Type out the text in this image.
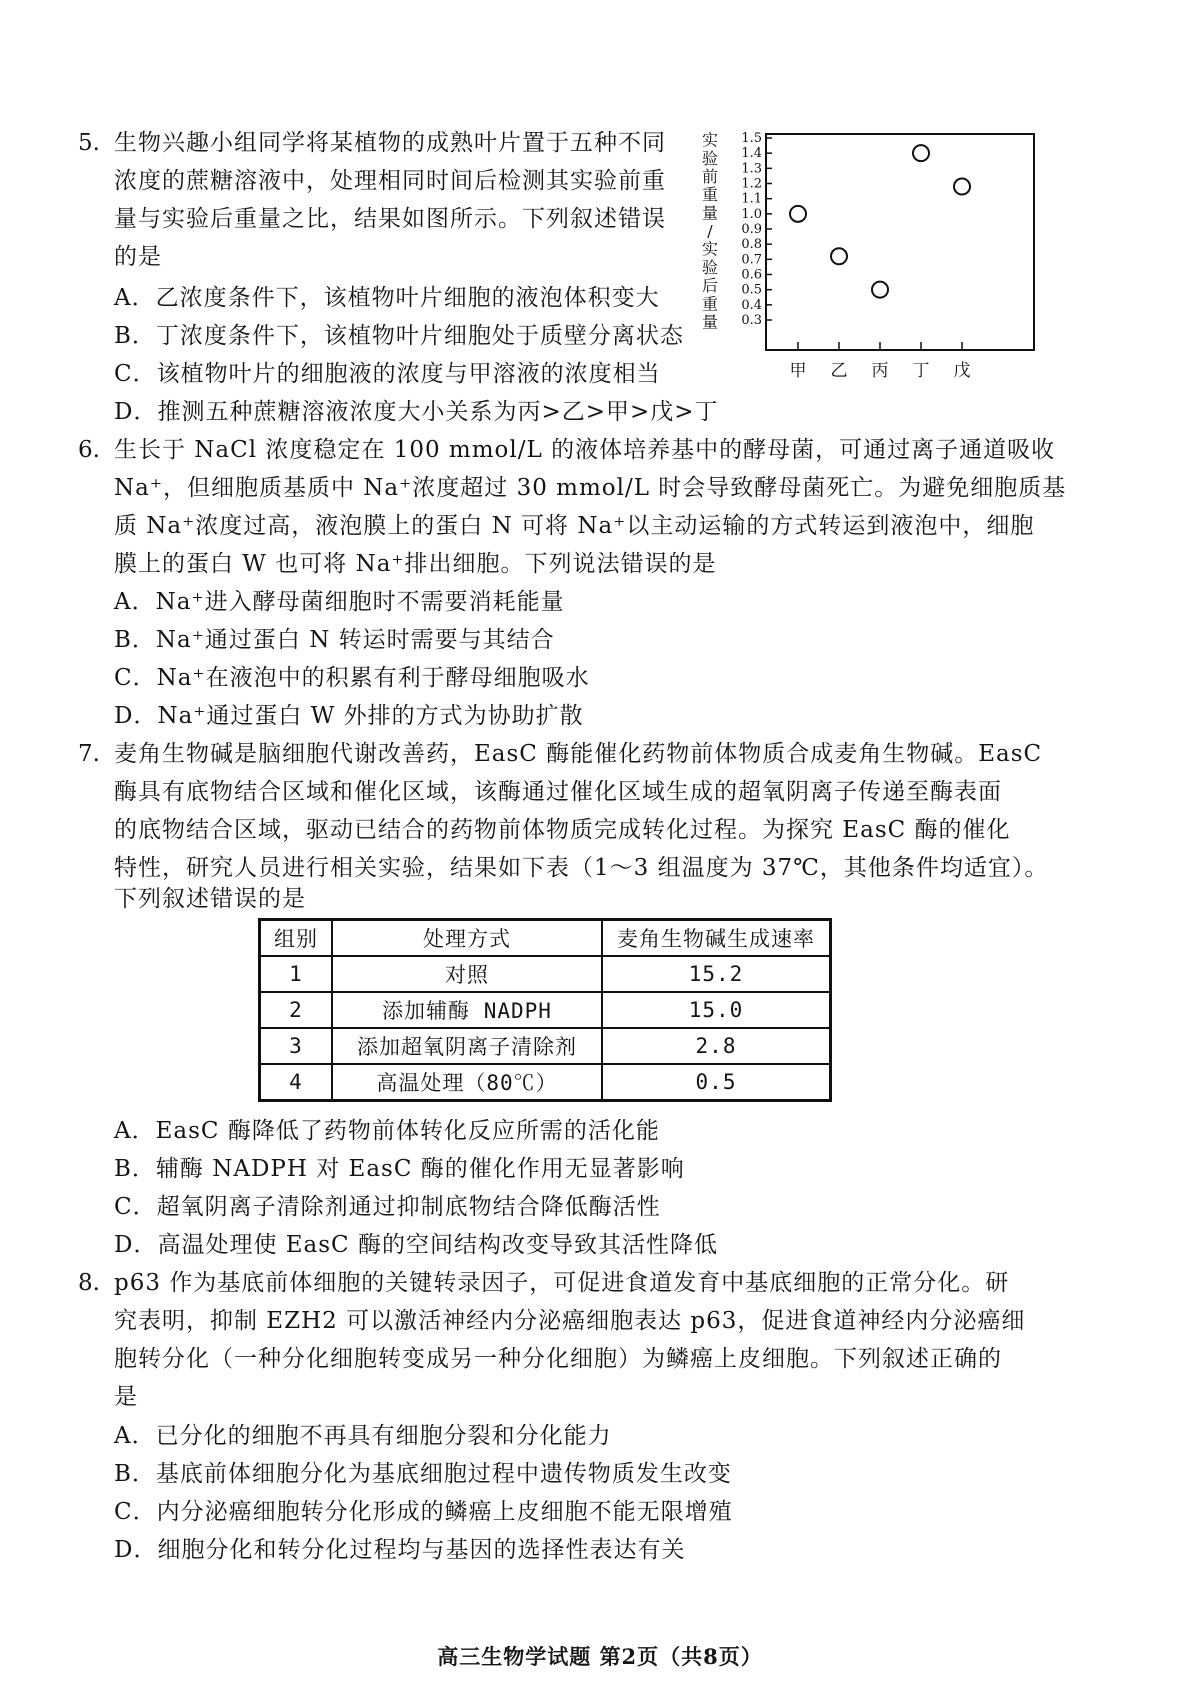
5. 生物兴趣小组同学将某植物的成熟叶片置于五种不同
浓度的蔗糖溶液中，处理相同时间后检测其实验前重
量与实验后重量之比，结果如图所示。下列叙述错误
的是
A．乙浓度条件下，该植物叶片细胞的液泡体积变大
B．丁浓度条件下，该植物叶片细胞处于质壁分离状态
C．该植物叶片的细胞液的浓度与甲溶液的浓度相当
D．推测五种蔗糖溶液浓度大小关系为丙>乙>甲>戊>丁
实
验
前
重
量
/
实
验
后
重
量 0.3
0.4
0.5
0.6
0.7
0.8
0.9
1.0
1.1
1.2
1.3
1.4
1.5
甲 乙 丙 丁 戊
6. 生长于 NaCl 浓度稳定在 100 mmol/L 的液体培养基中的酵母菌，可通过离子通道吸收
Na⁺，但细胞质基质中 Na⁺浓度超过 30 mmol/L 时会导致酵母菌死亡。为避免细胞质基
质 Na⁺浓度过高，液泡膜上的蛋白 N 可将 Na⁺以主动运输的方式转运到液泡中，细胞
膜上的蛋白 W 也可将 Na⁺排出细胞。下列说法错误的是
A．Na⁺进入酵母菌细胞时不需要消耗能量
B．Na⁺通过蛋白 N 转运时需要与其结合
C．Na⁺在液泡中的积累有利于酵母细胞吸水
D．Na⁺通过蛋白 W 外排的方式为协助扩散
7. 麦角生物碱是脑细胞代谢改善药，EasC 酶能催化药物前体物质合成麦角生物碱。EasC
酶具有底物结合区域和催化区域，该酶通过催化区域生成的超氧阴离子传递至酶表面
的底物结合区域，驱动已结合的药物前体物质完成转化过程。为探究 EasC 酶的催化
特性，研究人员进行相关实验，结果如下表（1～3 组温度为 37℃，其他条件均适宜）。
下列叙述错误的是
组别	处理方式	麦角生物碱生成速率
1	对照	15.2
2	添加辅酶 NADPH	15.0
3	添加超氧阴离子清除剂	2.8
4	高温处理（80℃）	0.5
A．EasC 酶降低了药物前体转化反应所需的活化能
B．辅酶 NADPH 对 EasC 酶的催化作用无显著影响
C．超氧阴离子清除剂通过抑制底物结合降低酶活性
D．高温处理使 EasC 酶的空间结构改变导致其活性降低
8. p63 作为基底前体细胞的关键转录因子，可促进食道发育中基底细胞的正常分化。研
究表明，抑制 EZH2 可以激活神经内分泌癌细胞表达 p63，促进食道神经内分泌癌细
胞转分化（一种分化细胞转变成另一种分化细胞）为鳞癌上皮细胞。下列叙述正确的
是
A．已分化的细胞不再具有细胞分裂和分化能力
B．基底前体细胞分化为基底细胞过程中遗传物质发生改变
C．内分泌癌细胞转分化形成的鳞癌上皮细胞不能无限增殖
D．细胞分化和转分化过程均与基因的选择性表达有关
高三生物学试题 第2页（共8页）
